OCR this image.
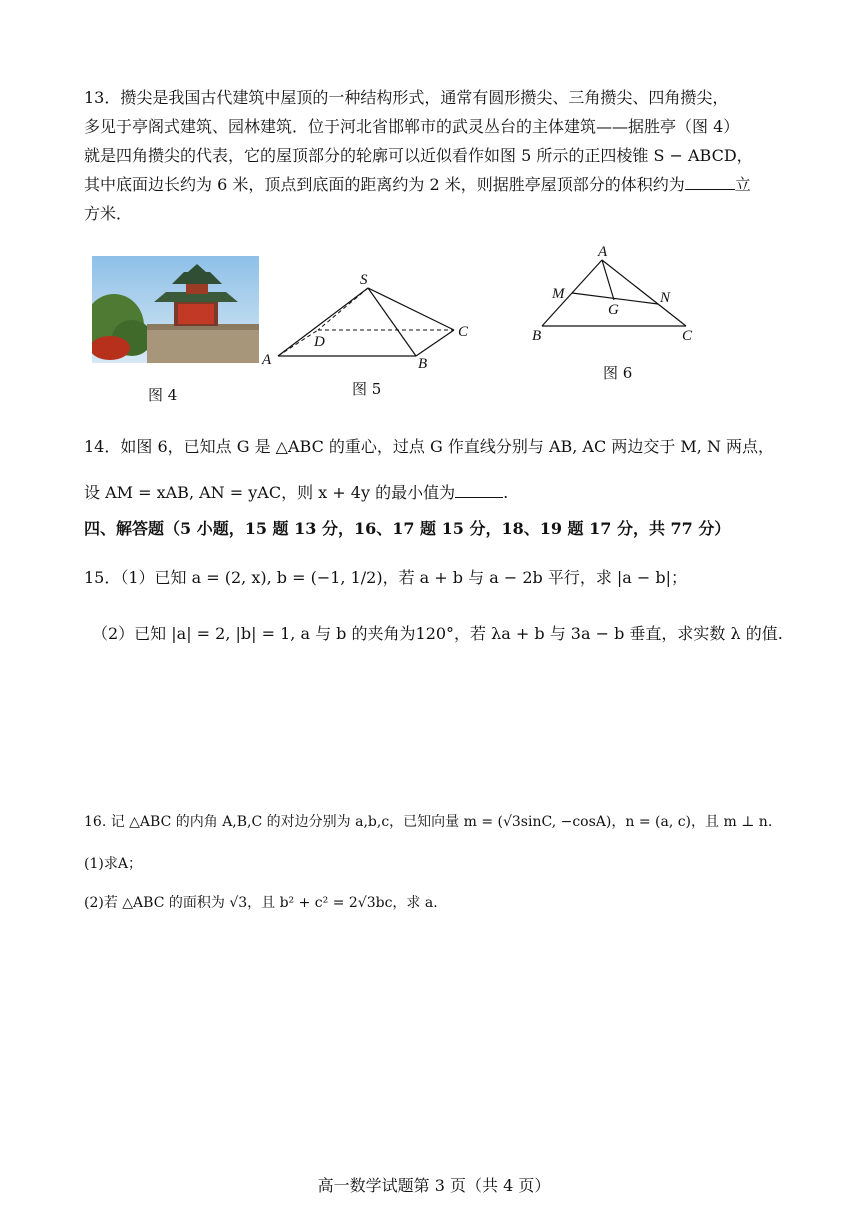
13．攒尖是我国古代建筑中屋顶的一种结构形式，通常有圆形攒尖、三角攒尖、四角攒尖，
多见于亭阁式建筑、园林建筑．位于河北省邯郸市的武灵丛台的主体建筑——据胜亭（图 4）
就是四角攒尖的代表，它的屋顶部分的轮廓可以近似看作如图 5 所示的正四棱锥 S − ABCD，
其中底面边长约为 6 米，顶点到底面的距离约为 2 米，则据胜亭屋顶部分的体积约为	立
方米．
图 4
S
D
C
A	B
图 5
A
M
G
N
B	C
图 6
14．如图 6，已知点 G 是 △ABC 的重心，过点 G 作直线分别与 AB, AC 两边交于 M, N 两点，
设 AM = xAB, AN = yAC，则 x + 4y 的最小值为	.
四、解答题（5 小题，15 题 13 分，16、17 题 15 分，18、19 题 17 分，共 77 分）
15．（1）已知 a = (2, x), b = (−1, 1/2)，若 a + b 与 a − 2b 平行，求 |a − b|；
（2）已知 |a| = 2, |b| = 1, a 与 b 的夹角为120°，若 λa + b 与 3a − b 垂直，求实数 λ 的值.
16. 记 △ABC 的内角 A,B,C 的对边分别为 a,b,c，已知向量 m = (√3sinC, −cosA)，n = (a, c)，且 m ⊥ n.
(1)求A；
(2)若 △ABC 的面积为 √3，且 b² + c² = 2√3bc，求 a.
高一数学试题第 3 页（共 4 页）
